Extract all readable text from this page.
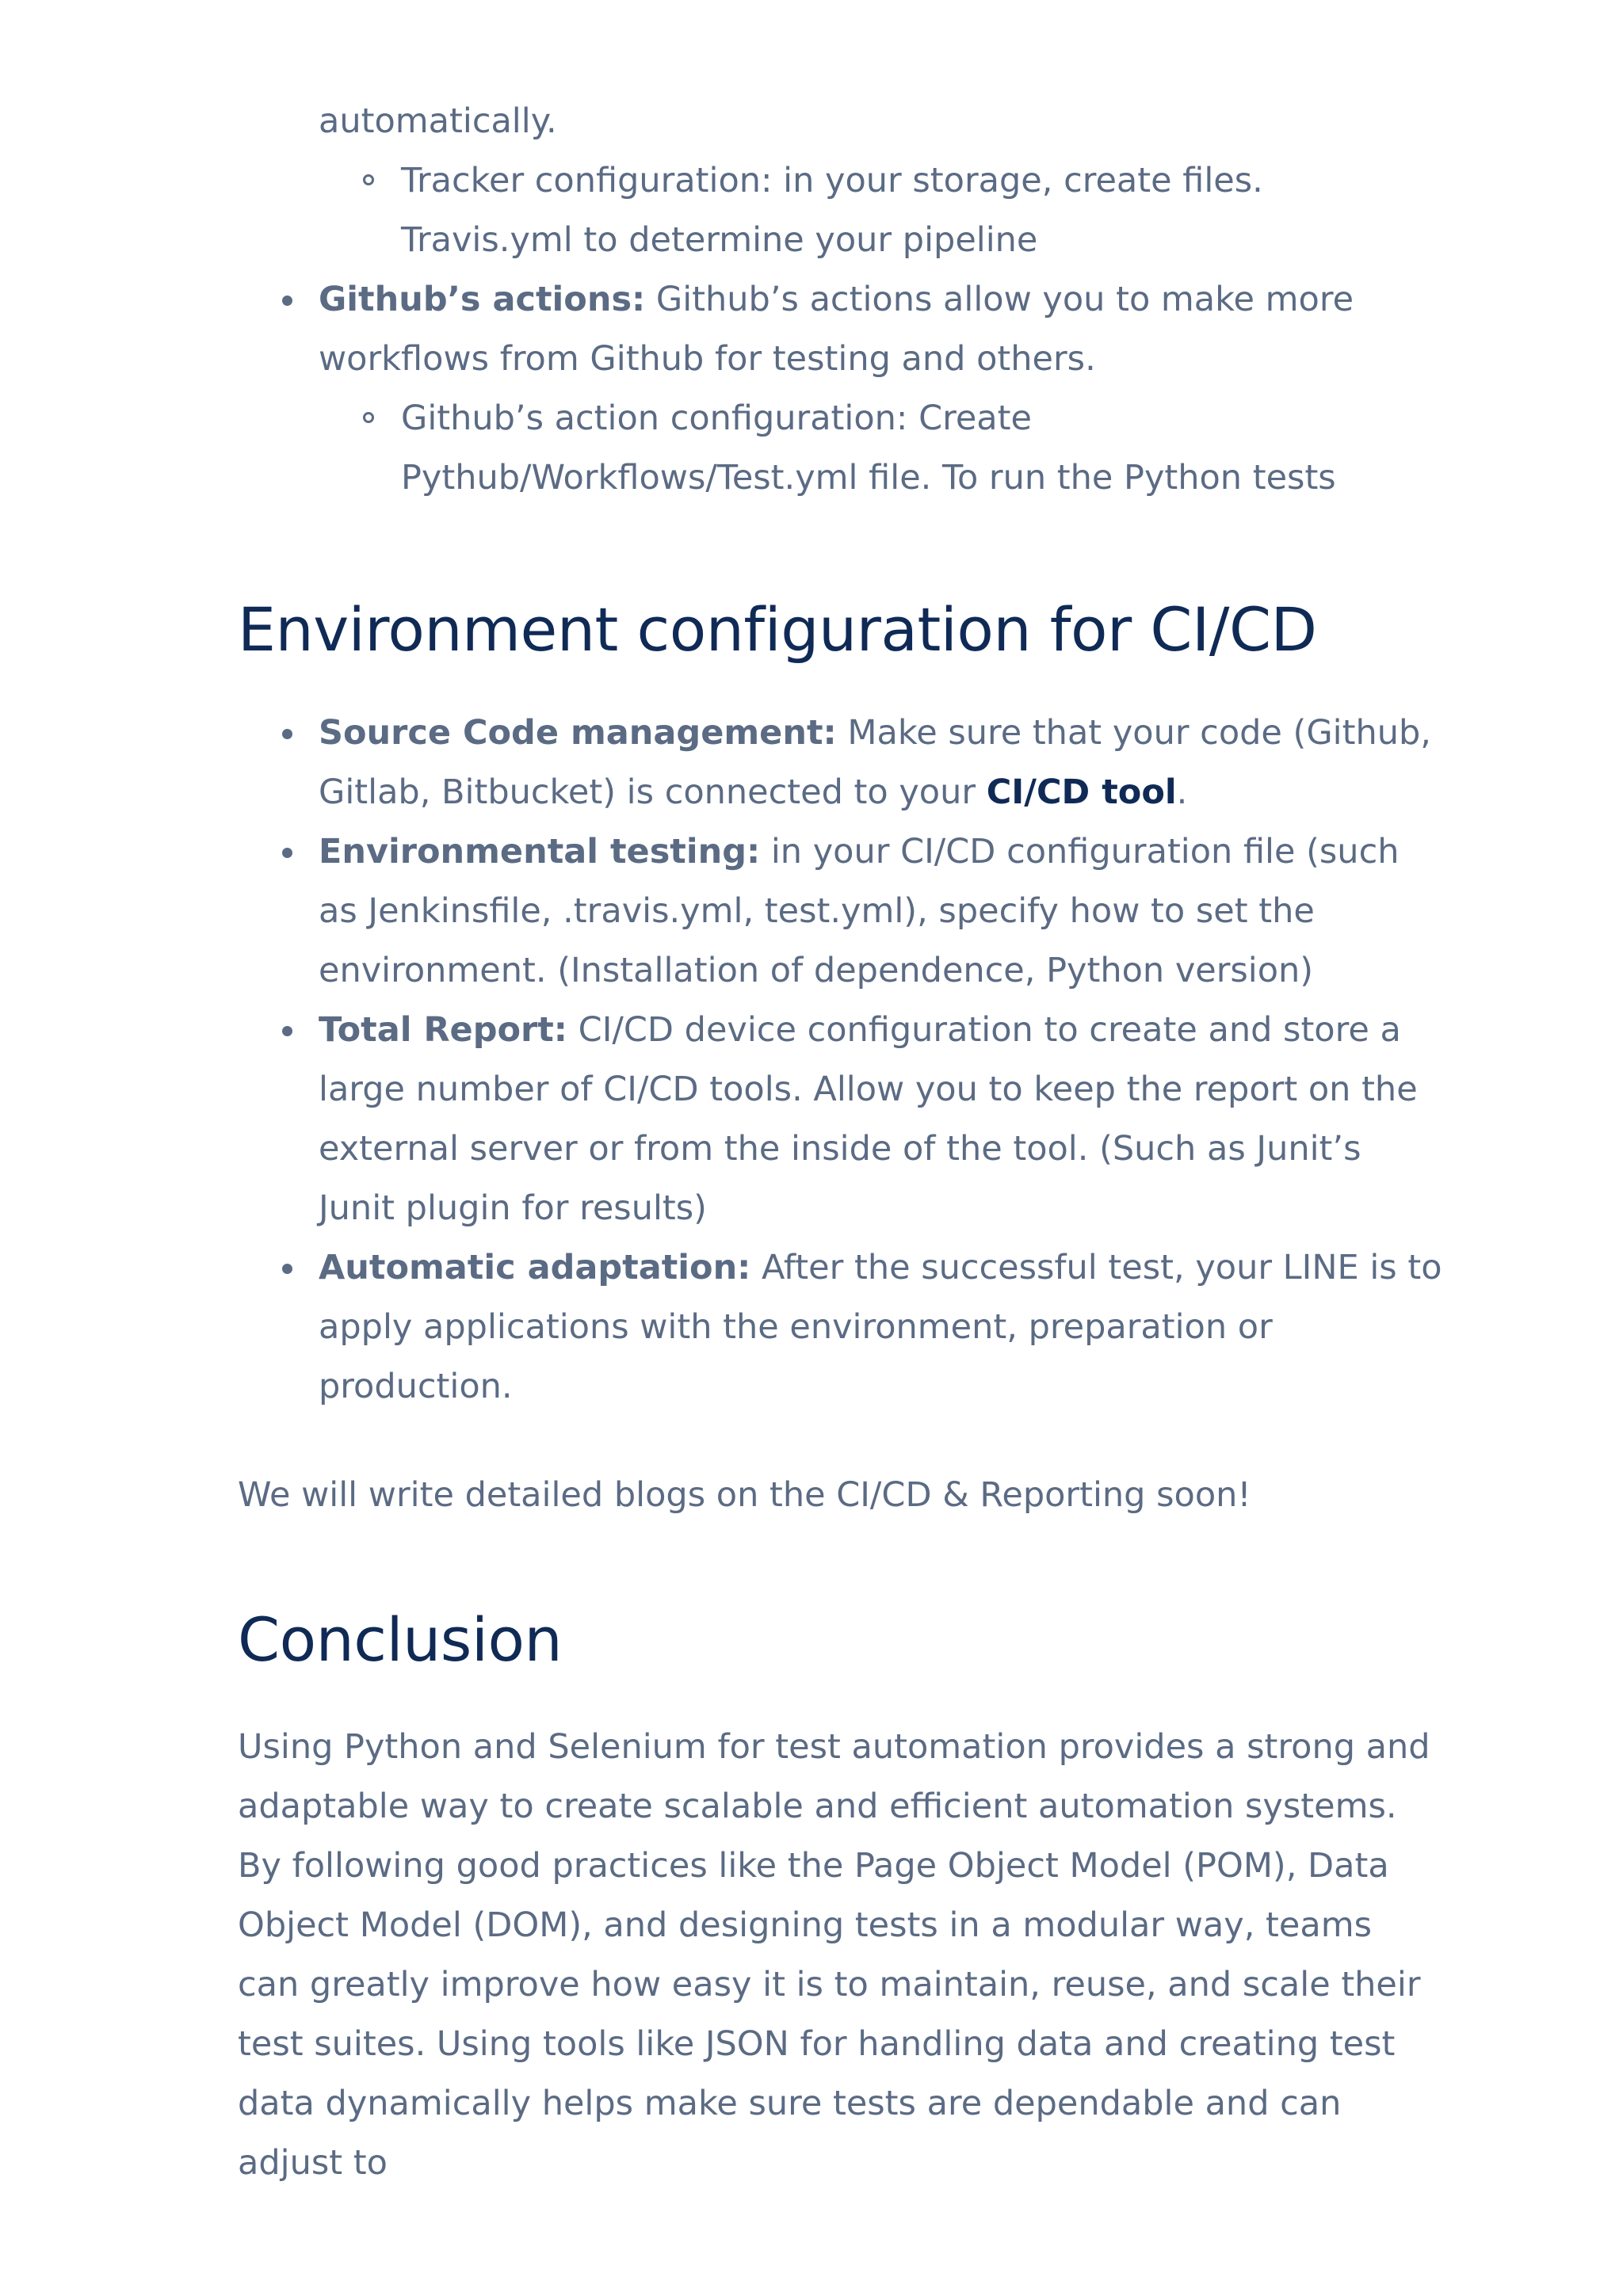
automatically.

Tracker configuration: in your storage, create files. Travis.yml to determine your pipeline
Github’s actions: Github’s actions allow you to make more workflows from Github for testing and others.
Github’s action configuration: Create Pythub/Workflows/Test.yml file. To run the Python tests
Environment configuration for CI/CD
Source Code management: Make sure that your code (Github, Gitlab, Bitbucket) is connected to your CI/CD tool.
Environmental testing: in your CI/CD configuration file (such as Jenkinsfile, .travis.yml, test.yml), specify how to set the environment. (Installation of dependence, Python version)
Total Report: CI/CD device configuration to create and store a large number of CI/CD tools. Allow you to keep the report on the external server or from the inside of the tool. (Such as Junit’s Junit plugin for results)
Automatic adaptation: After the successful test, your LINE is to apply applications with the environment, preparation or production.

We will write detailed blogs on the CI/CD & Reporting soon!

Conclusion

Using Python and Selenium for test automation provides a strong and adaptable way to create scalable and efficient automation systems. By following good practices like the Page Object Model (POM), Data Object Model (DOM), and designing tests in a modular way, teams can greatly improve how easy it is to maintain, reuse, and scale their test suites. Using tools like JSON for handling data and creating test data dynamically helps make sure tests are dependable and can adjust to
